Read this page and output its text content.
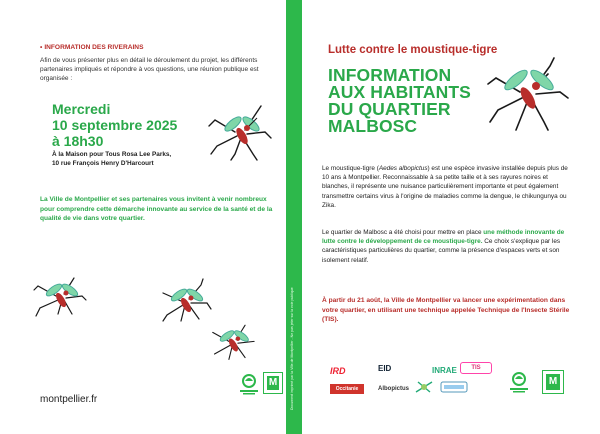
• INFORMATION DES RIVERAINS
Afin de vous présenter plus en détail le déroulement du projet, les différents partenaires impliqués et répondre à vos questions, une réunion publique est organisée :
Mercredi
10 septembre 2025
à 18h30
À la Maison pour Tous Rosa Lee Parks,
10 rue François Henry D'Harcourt
La Ville de Montpellier et ses partenaires vous invitent à venir nombreux pour comprendre cette démarche innovante au service de la santé et de la qualité de vie dans votre quartier.
montpellier.fr
M	Document imprimé par la Ville de Montpellier - Ne pas jeter sur la voie publique
Lutte contre le moustique-tigre
INFORMATION
AUX HABITANTS
DU QUARTIER
MALBOSC
Le moustique-tigre (Aedes albopictus) est une espèce invasive installée depuis plus de 10 ans à Montpellier. Reconnaissable à sa petite taille et à ses rayures noires et blanches, il représente une nuisance particulièrement importante et peut également transmettre certains virus à l'origine de maladies comme la dengue, le chikungunya ou Zika.
Le quartier de Malbosc a été choisi pour mettre en place une méthode innovante de lutte contre le développement de ce moustique-tigre. Ce choix s'explique par les caractéristiques particulières du quartier, comme la présence d'espaces verts et son isolement relatif.
À partir du 21 août, la Ville de Montpellier va lancer une expérimentation dans votre quartier, en utilisant une technique appelée Technique de l'Insecte Stérile (TIS).
IRD	EID	INRAE	TIS
Occitanie	Albopictus
M
